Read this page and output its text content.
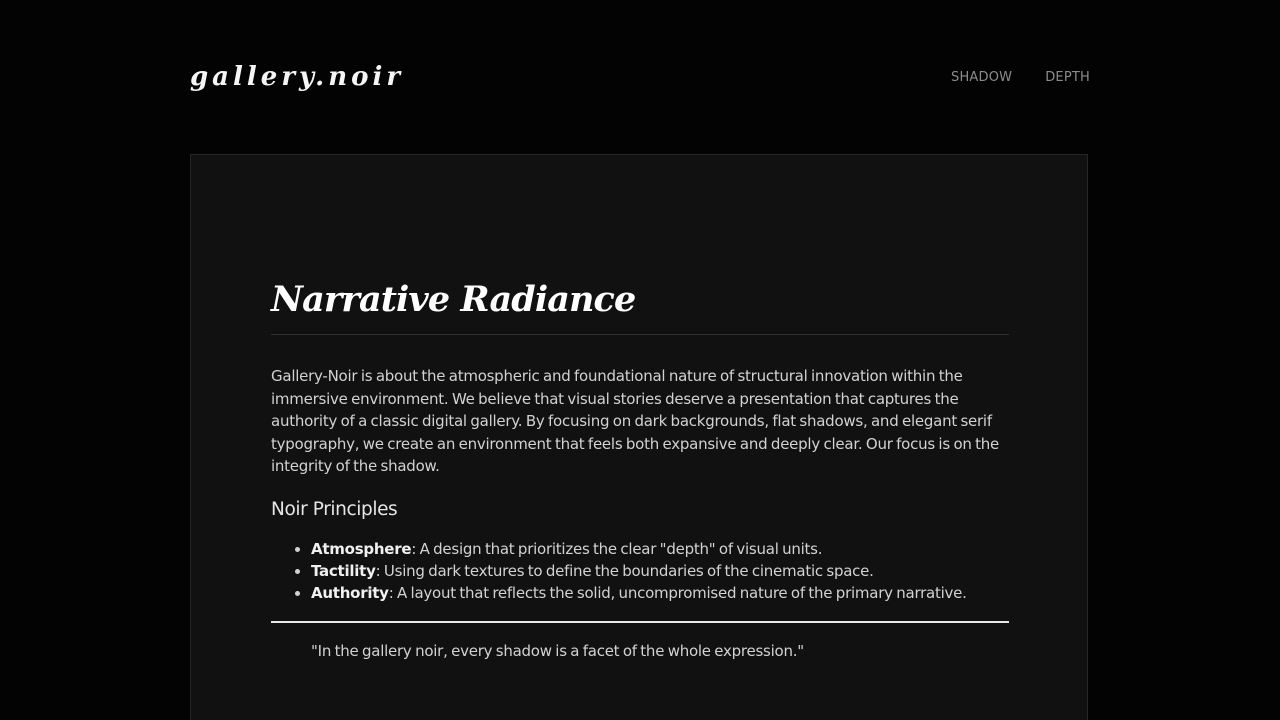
gallery.noir	SHADOW	DEPTH
Narrative Radiance

Gallery-Noir is about the atmospheric and foundational nature of structural innovation within the immersive environment. We believe that visual stories deserve a presentation that captures the authority of a classic digital gallery. By focusing on dark backgrounds, flat shadows, and elegant serif typography, we create an environment that feels both expansive and deeply clear. Our focus is on the integrity of the shadow.

Noir Principles
• Atmosphere: A design that prioritizes the clear "depth" of visual units.
• Tactility: Using dark textures to define the boundaries of the cinematic space.
• Authority: A layout that reflects the solid, uncompromised nature of the primary narrative.
"In the gallery noir, every shadow is a facet of the whole expression."
